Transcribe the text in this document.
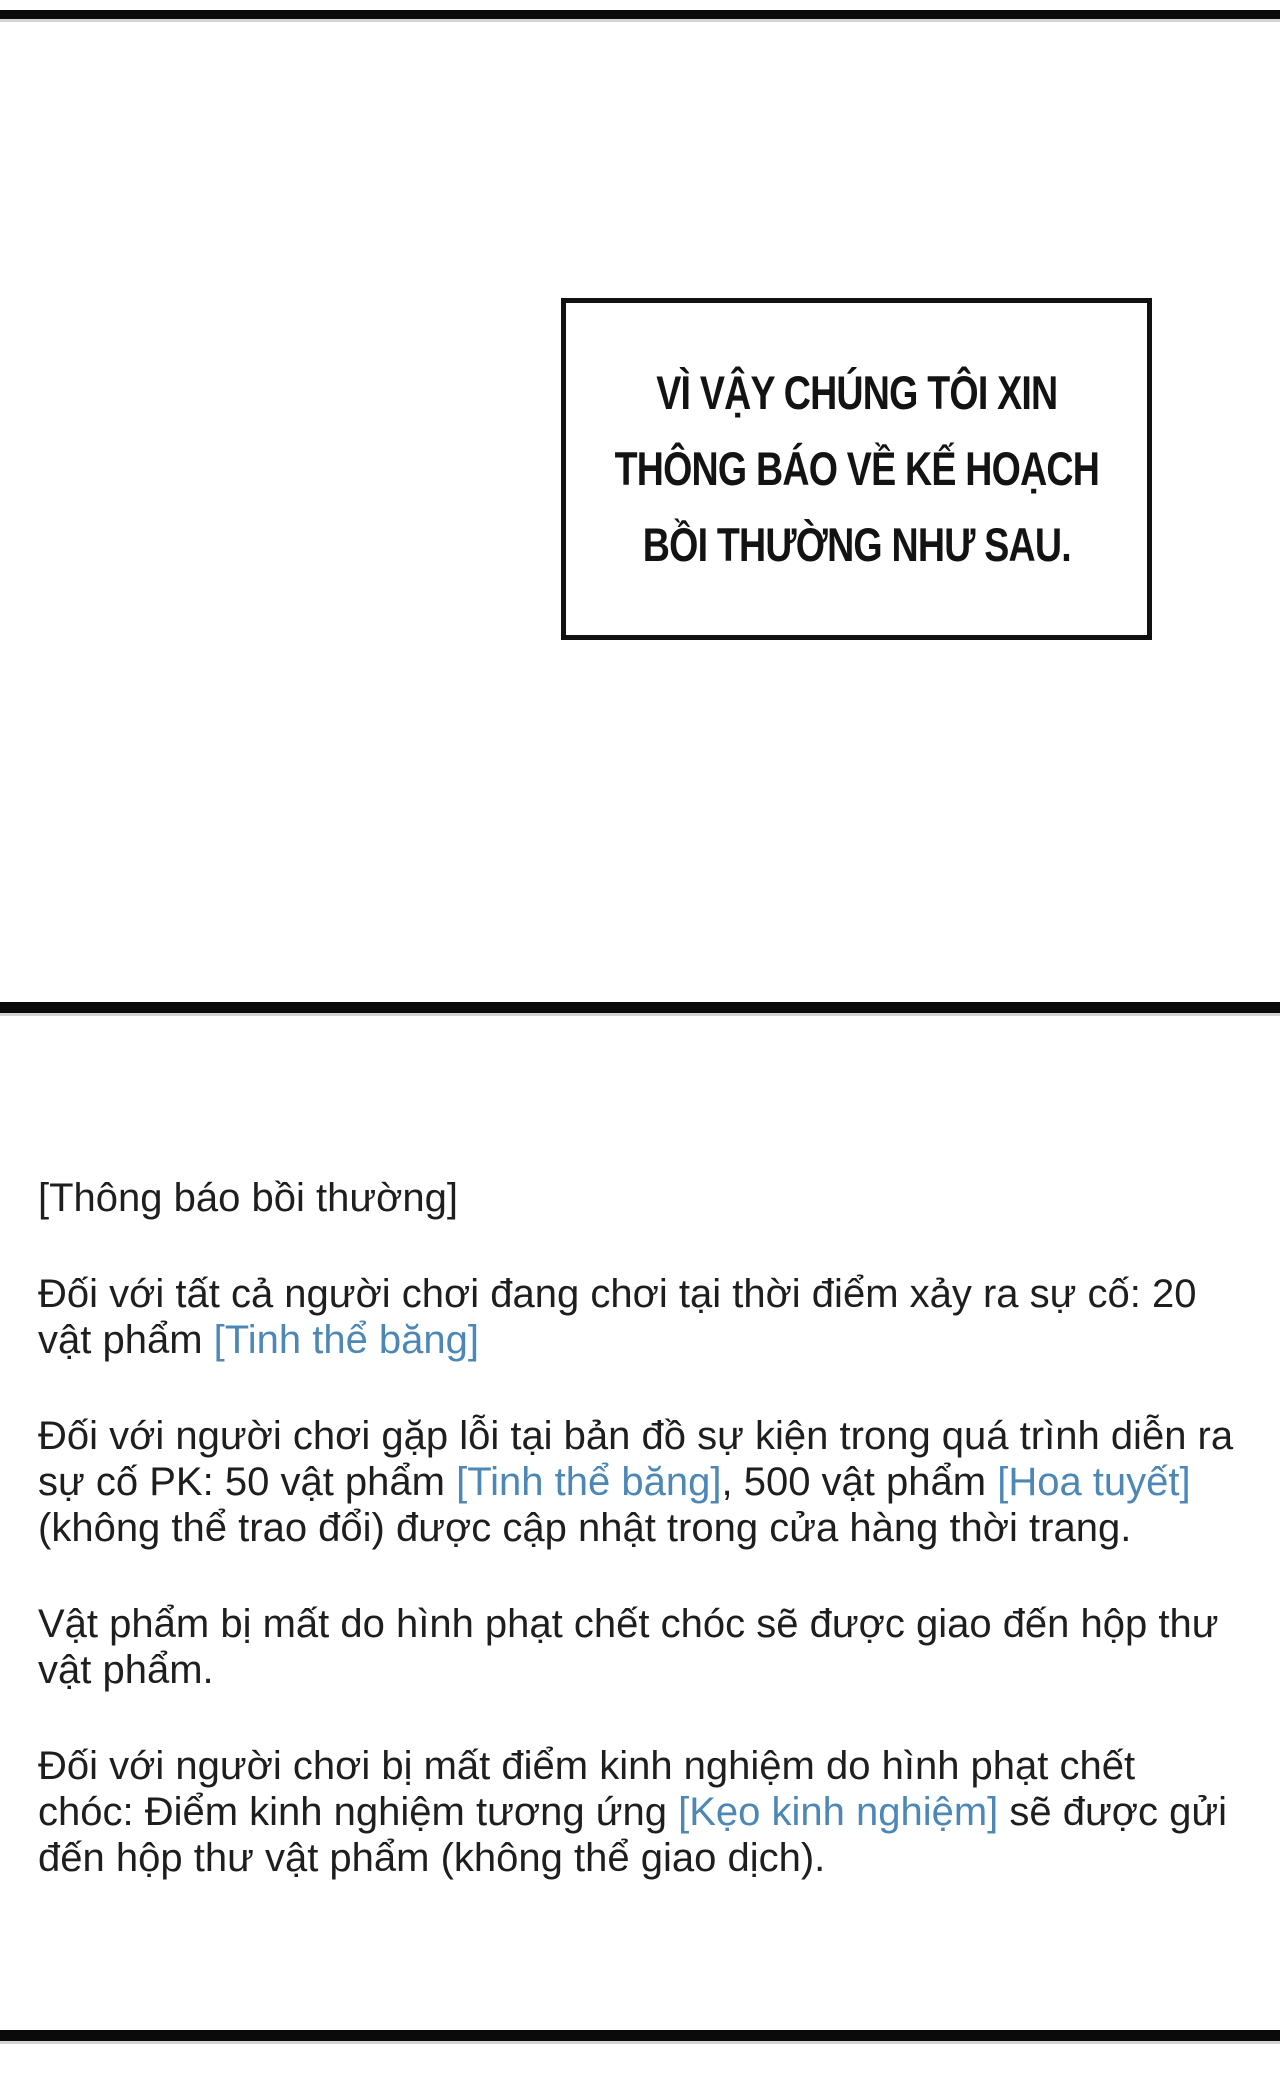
VÌ VẬY CHÚNG TÔI XIN
THÔNG BÁO VỀ KẾ HOẠCH
BỒI THƯỜNG NHƯ SAU.
[Thông báo bồi thường]
Đối với tất cả người chơi đang chơi tại thời điểm xảy ra sự cố: 20
vật phẩm [Tinh thể băng]
Đối với người chơi gặp lỗi tại bản đồ sự kiện trong quá trình diễn ra
sự cố PK: 50 vật phẩm [Tinh thể băng], 500 vật phẩm [Hoa tuyết]
(không thể trao đổi) được cập nhật trong cửa hàng thời trang.
Vật phẩm bị mất do hình phạt chết chóc sẽ được giao đến hộp thư
vật phẩm.
Đối với người chơi bị mất điểm kinh nghiệm do hình phạt chết
chóc: Điểm kinh nghiệm tương ứng [Kẹo kinh nghiệm] sẽ được gửi
đến hộp thư vật phẩm (không thể giao dịch).
